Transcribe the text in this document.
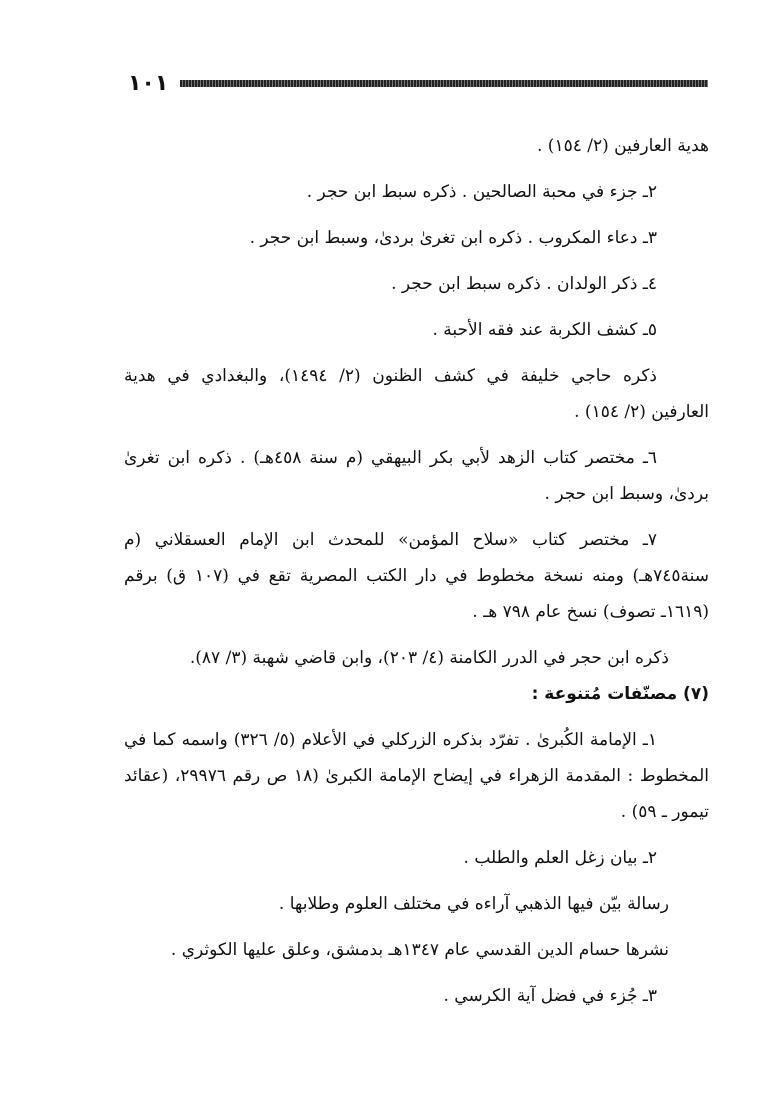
١٠١

هدية العارفين (٢/ ١٥٤) .

٢ـ جزء في محبة الصالحين . ذكره سبط ابن حجر .

٣ـ دعاء المكروب . ذكره ابن تغرىٰ بردىٰ، وسبط ابن حجر .

٤ـ ذكر الولدان . ذكره سبط ابن حجر .

٥ـ كشف الكربة عند فقه الأحبة .

ذكره حاجي خليفة في كشف الظنون (٢/ ١٤٩٤)، والبغدادي في هدية العارفين (٢/ ١٥٤) .

٦ـ مختصر كتاب الزهد لأبي بكر البيهقي (م سنة ٤٥٨هـ) . ذكره ابن تغرىٰ بردىٰ، وسبط ابن حجر .

٧ـ مختصر كتاب «سلاح المؤمن» للمحدث ابن الإمام العسقلاني (م سنة٧٤٥هـ) ومنه نسخة مخطوط في دار الكتب المصرية تقع في (١٠٧ ق) برقم (١٦١٩ـ تصوف) نسخ عام ٧٩٨ هـ .

ذكره ابن حجر في الدرر الكامنة (٤/ ٢٠٣)، وابن قاضي شهبة (٣/ ٨٧).

(٧) مصنّفات مُتنوعة :

١ـ الإمامة الكُبرىٰ . تفرّد بذكره الزركلي في الأعلام (٥/ ٣٢٦) واسمه كما في المخطوط : المقدمة الزهراء في إيضاح الإمامة الكبرىٰ (١٨ ص رقم ٢٩٩٧٦، (عقائد تيمور ـ ٥٩) .

٢ـ بيان زغل العلم والطلب .

رسالة بيّن فيها الذهبي آراءه في مختلف العلوم وطلابها .

نشرها حسام الدين القدسي عام ١٣٤٧هـ بدمشق، وعلق عليها الكوثري .

٣ـ جُزء في فضل آية الكرسي .
